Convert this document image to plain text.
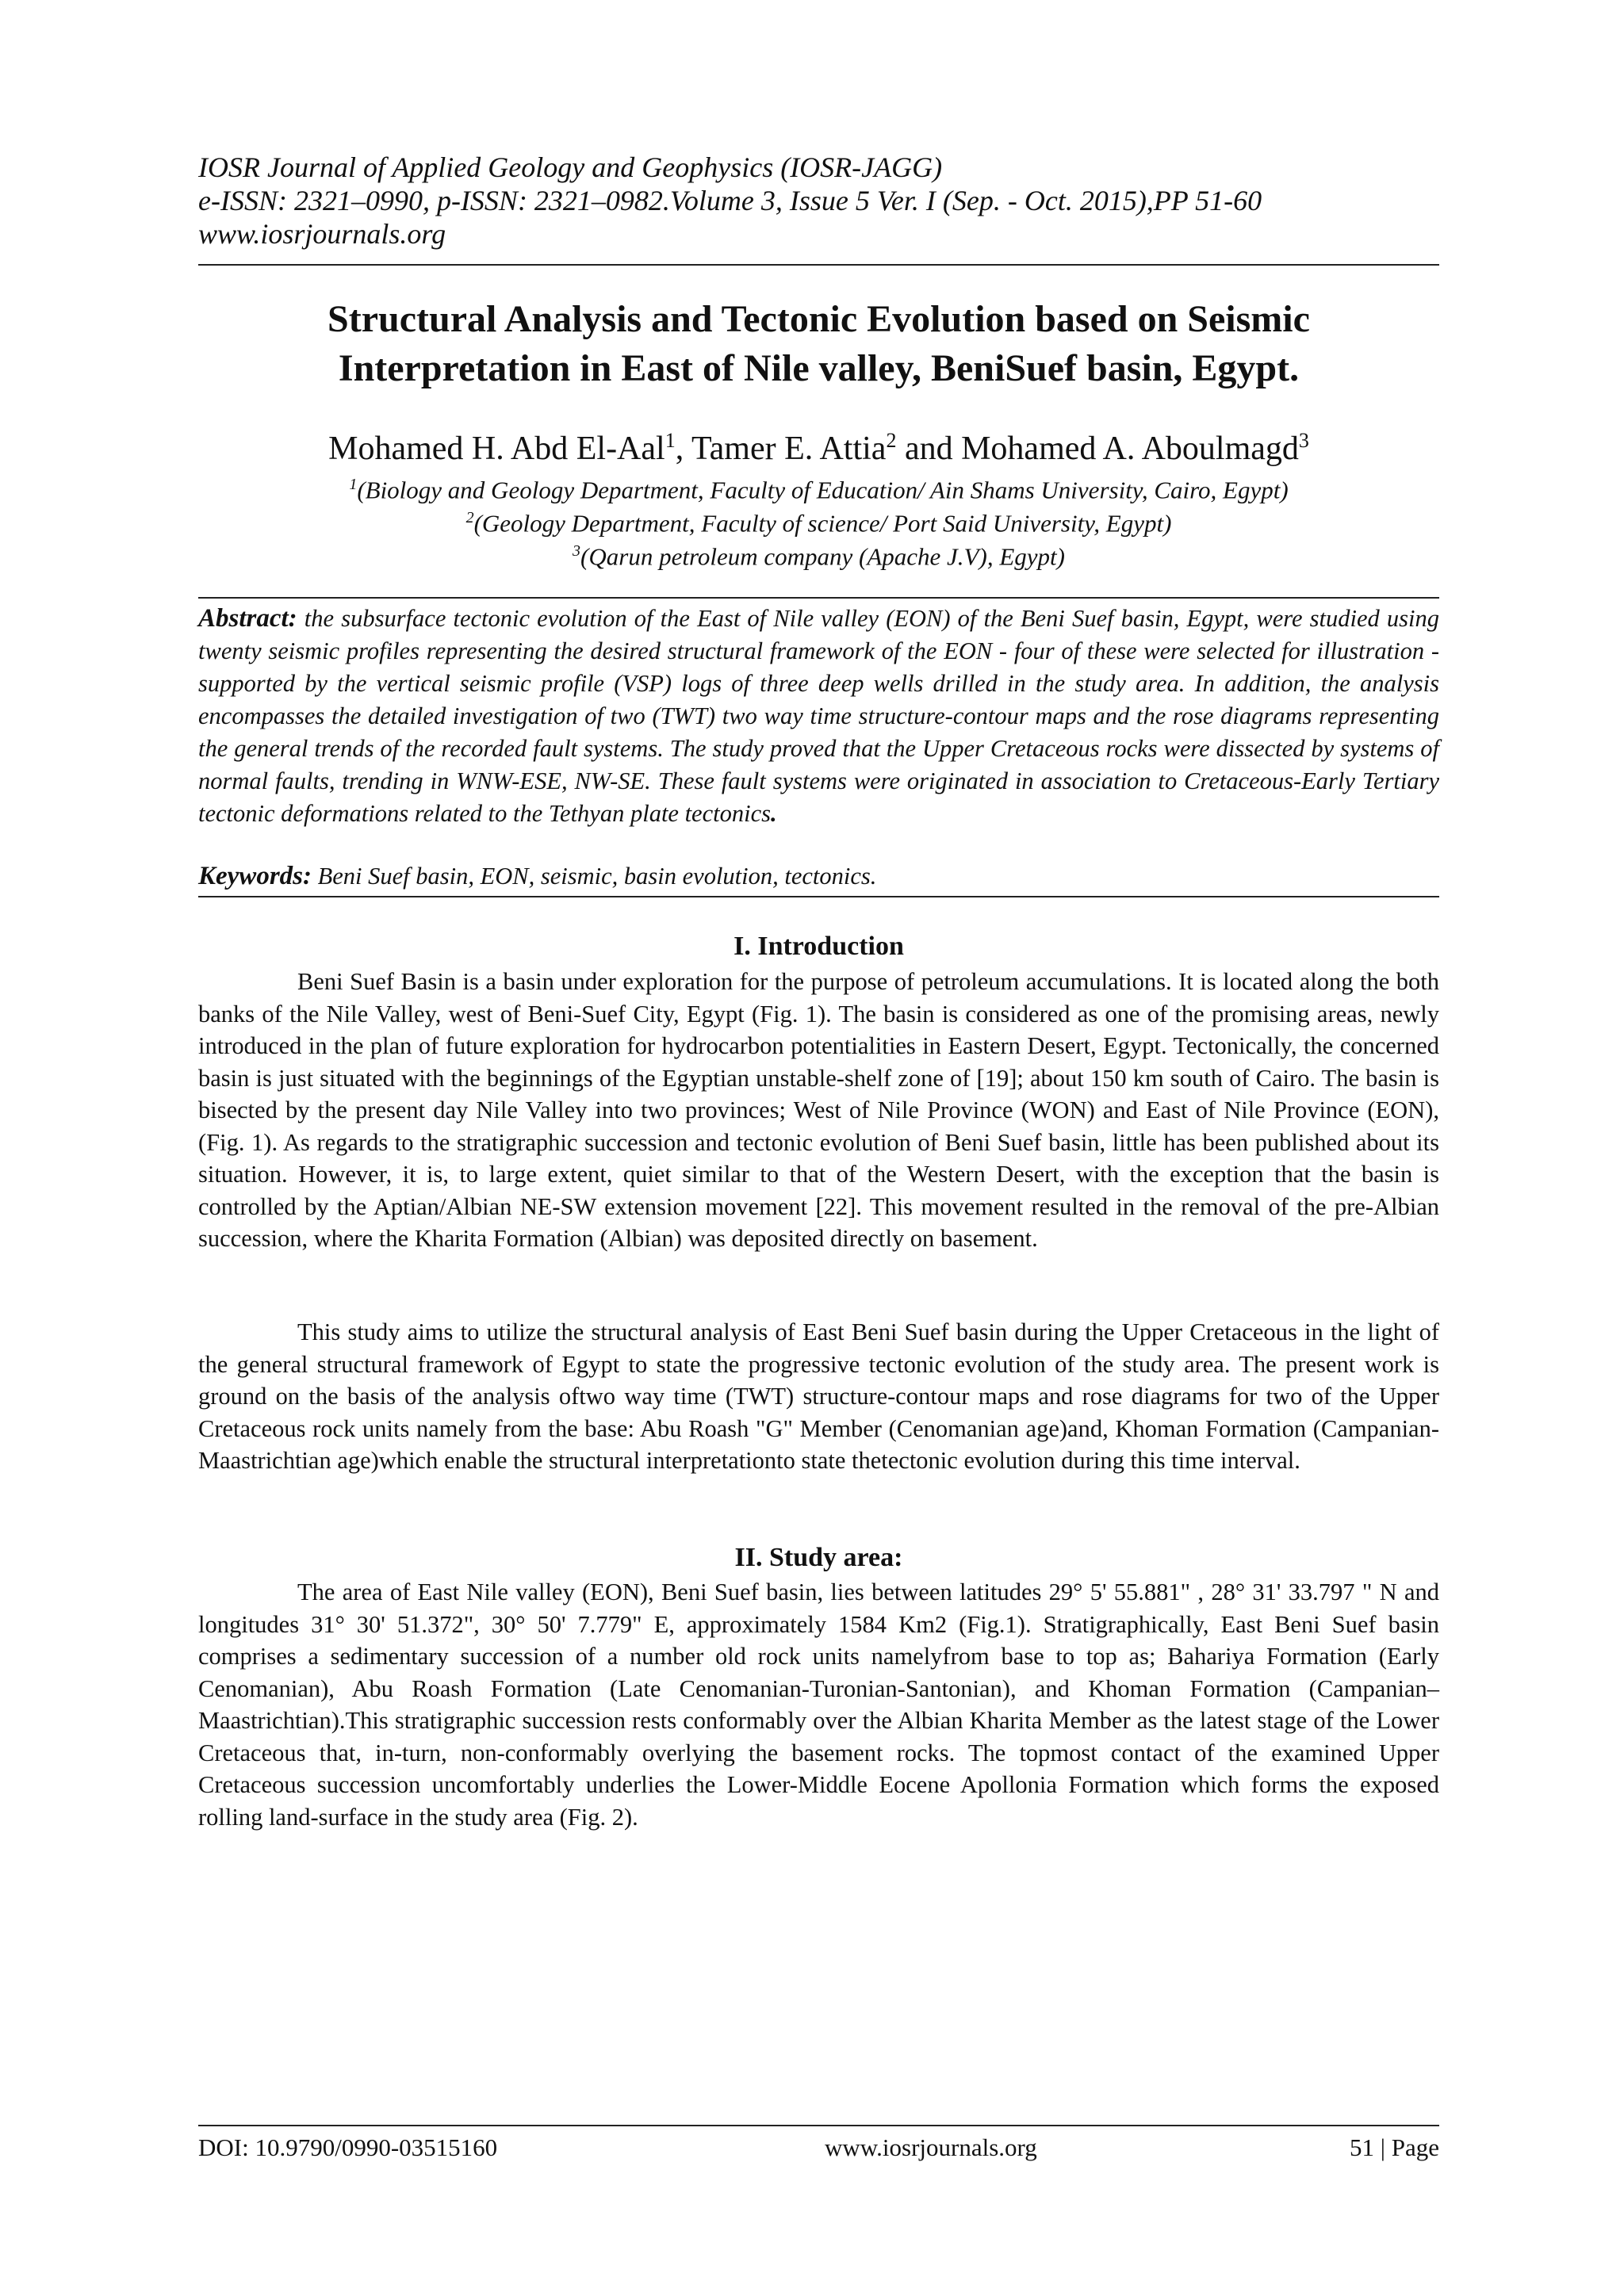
IOSR Journal of Applied Geology and Geophysics (IOSR-JAGG)
e-ISSN: 2321–0990, p-ISSN: 2321–0982.Volume 3, Issue 5 Ver. I (Sep. - Oct. 2015),PP 51-60
www.iosrjournals.org
Structural Analysis and Tectonic Evolution based on Seismic
Interpretation in East of Nile valley, BeniSuef basin, Egypt.
Mohamed H. Abd El-Aal$^1$, Tamer E. Attia$^2$ and Mohamed A. Aboulmagd$^3$
$^1$(Biology and Geology Department, Faculty of Education/ Ain Shams University, Cairo, Egypt)
$^2$(Geology Department, Faculty of science/ Port Said University, Egypt)
$^3$(Qarun petroleum company (Apache J.V), Egypt)
Abstract: the subsurface tectonic evolution of the East of Nile valley (EON) of the Beni Suef basin, Egypt, were studied using twenty seismic profiles representing the desired structural framework of the EON - four of these were selected for illustration - supported by the vertical seismic profile (VSP) logs of three deep wells drilled in the study area. In addition, the analysis encompasses the detailed investigation of two (TWT) two way time structure-contour maps and the rose diagrams representing the general trends of the recorded fault systems. The study proved that the Upper Cretaceous rocks were dissected by systems of normal faults, trending in WNW-ESE, NW-SE. These fault systems were originated in association to Cretaceous-Early Tertiary tectonic deformations related to the Tethyan plate tectonics.
Keywords: Beni Suef basin, EON, seismic, basin evolution, tectonics.
I. Introduction

Beni Suef Basin is a basin under exploration for the purpose of petroleum accumulations. It is located along the both banks of the Nile Valley, west of Beni-Suef City, Egypt (Fig. 1). The basin is considered as one of the promising areas, newly introduced in the plan of future exploration for hydrocarbon potentialities in Eastern Desert, Egypt. Tectonically, the concerned basin is just situated with the beginnings of the Egyptian unstable-shelf zone of [19]; about 150 km south of Cairo. The basin is bisected by the present day Nile Valley into two provinces; West of Nile Province (WON) and East of Nile Province (EON), (Fig. 1). As regards to the stratigraphic succession and tectonic evolution of Beni Suef basin, little has been published about its situation. However, it is, to large extent, quiet similar to that of the Western Desert, with the exception that the basin is controlled by the Aptian/Albian NE-SW extension movement [22]. This movement resulted in the removal of the pre-Albian succession, where the Kharita Formation (Albian) was deposited directly on basement.

This study aims to utilize the structural analysis of East Beni Suef basin during the Upper Cretaceous in the light of the general structural framework of Egypt to state the progressive tectonic evolution of the study area. The present work is ground on the basis of the analysis oftwo way time (TWT) structure-contour maps and rose diagrams for two of the Upper Cretaceous rock units namely from the base: Abu Roash "G" Member (Cenomanian age)and, Khoman Formation (Campanian-Maastrichtian age)which enable the structural interpretationto state thetectonic evolution during this time interval.

II. Study area:

The area of East Nile valley (EON), Beni Suef basin, lies between latitudes 29° 5' 55.881" , 28° 31' 33.797 " N and longitudes 31° 30' 51.372", 30° 50' 7.779" E, approximately 1584 Km2 (Fig.1). Stratigraphically, East Beni Suef basin comprises a sedimentary succession of a number old rock units namelyfrom base to top as; Bahariya Formation (Early Cenomanian), Abu Roash Formation (Late Cenomanian-Turonian-Santonian), and Khoman Formation (Campanian–Maastrichtian).This stratigraphic succession rests conformably over the Albian Kharita Member as the latest stage of the Lower Cretaceous that, in-turn, non-conformably overlying the basement rocks. The topmost contact of the examined Upper Cretaceous succession uncomfortably underlies the Lower-Middle Eocene Apollonia Formation which forms the exposed rolling land-surface in the study area (Fig. 2).

DOI: 10.9790/0990-03515160	www.iosrjournals.org	51 | Page
